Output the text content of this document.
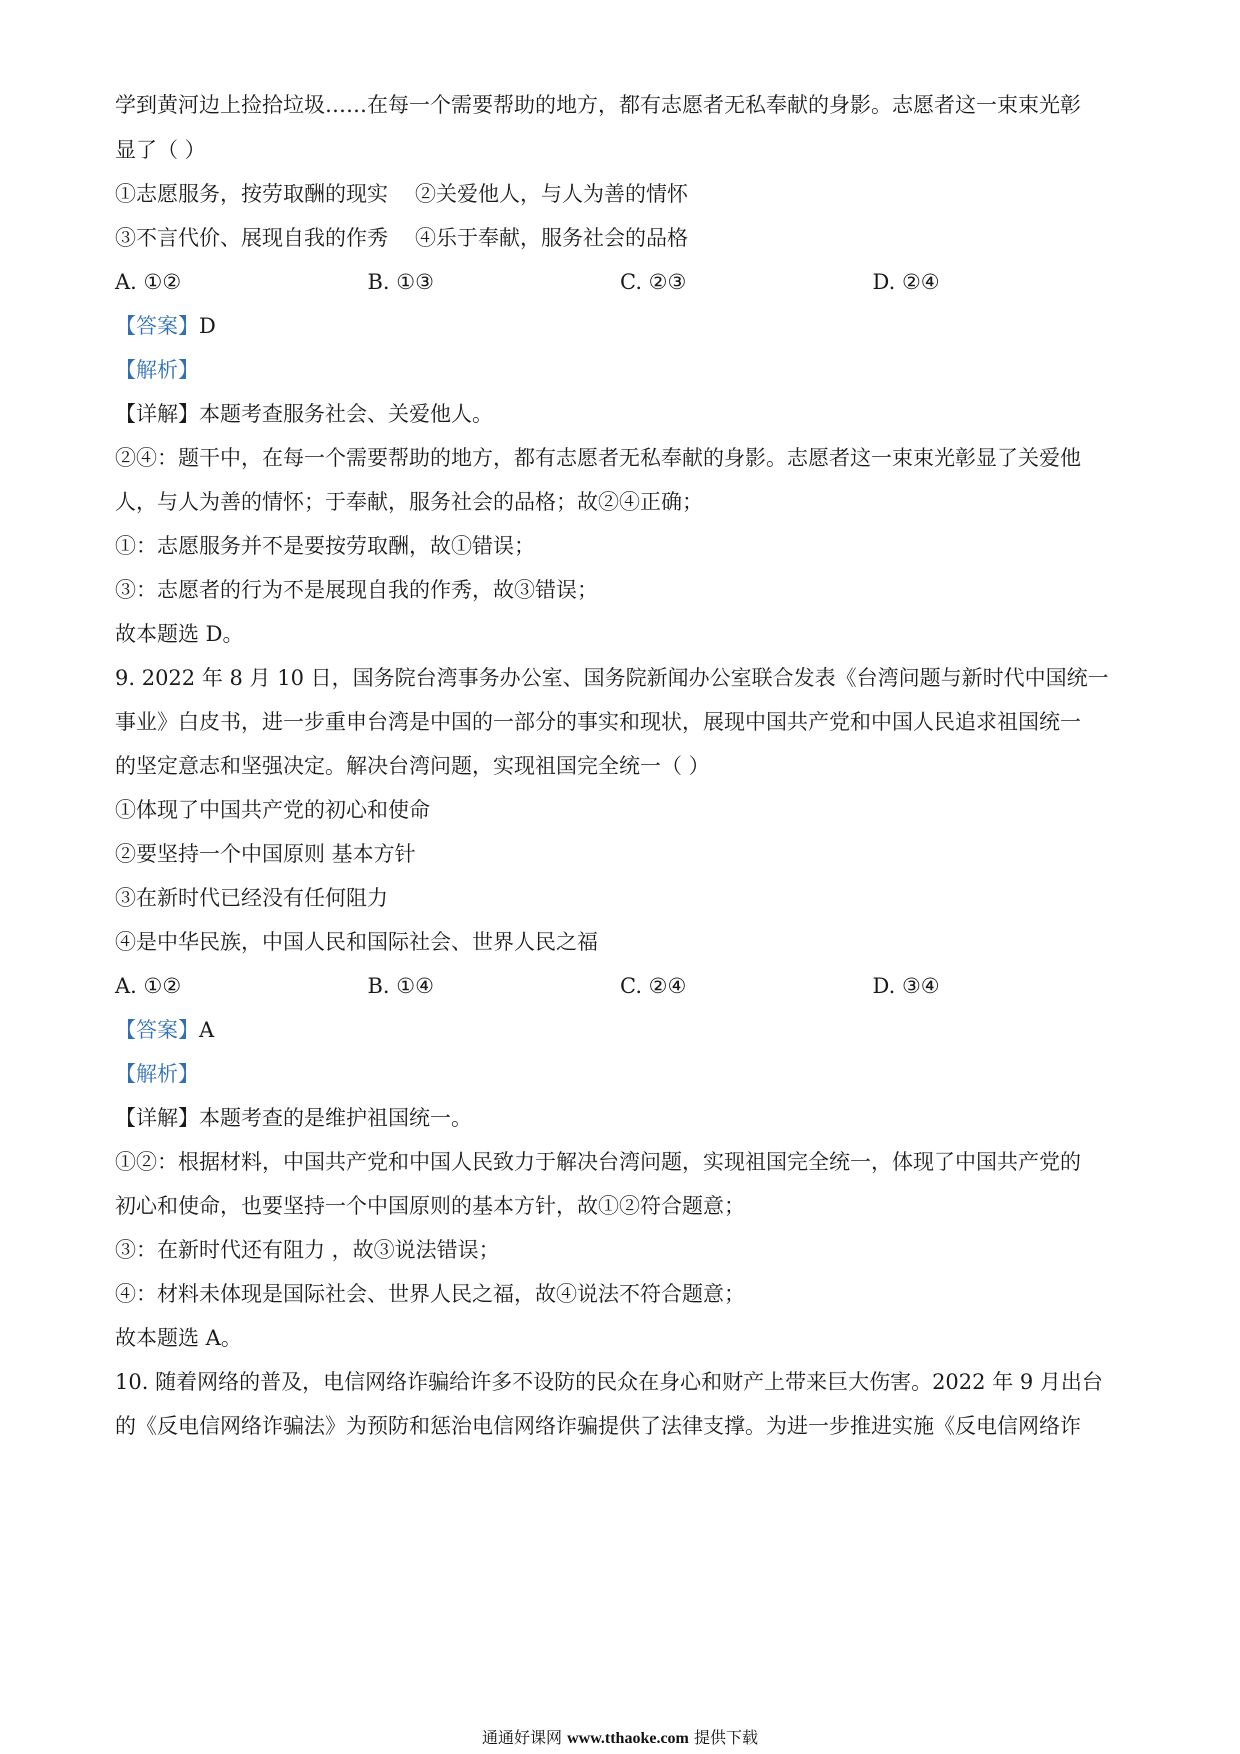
学到黄河边上捡拾垃圾……在每一个需要帮助的地方，都有志愿者无私奉献的身影。志愿者这一束束光彰
显了（ ）
①志愿服务，按劳取酬的现实 ②关爱他人，与人为善的情怀
③不言代价、展现自我的作秀 ④乐于奉献，服务社会的品格
A. ①②	B. ①③	C. ②③	D. ②④
【答案】D
【解析】
【详解】本题考查服务社会、关爱他人。
②④：题干中，在每一个需要帮助的地方，都有志愿者无私奉献的身影。志愿者这一束束光彰显了关爱他
人，与人为善的情怀；于奉献，服务社会的品格；故②④正确；
①：志愿服务并不是要按劳取酬，故①错误；
③：志愿者的行为不是展现自我的作秀，故③错误；
故本题选 D。
9. 2022 年 8 月 10 日，国务院台湾事务办公室、国务院新闻办公室联合发表《台湾问题与新时代中国统一
事业》白皮书，进一步重申台湾是中国的一部分的事实和现状，展现中国共产党和中国人民追求祖国统一
的坚定意志和坚强决定。解决台湾问题，实现祖国完全统一（ ）
①体现了中国共产党的初心和使命
②要坚持一个中国原则 基本方针
③在新时代已经没有任何阻力
④是中华民族，中国人民和国际社会、世界人民之福
A. ①②	B. ①④	C. ②④	D. ③④
【答案】A
【解析】
【详解】本题考查的是维护祖国统一。
①②：根据材料，中国共产党和中国人民致力于解决台湾问题，实现祖国完全统一，体现了中国共产党的
初心和使命，也要坚持一个中国原则的基本方针，故①②符合题意；
③：在新时代还有阻力 ，故③说法错误；
④：材料未体现是国际社会、世界人民之福，故④说法不符合题意；
故本题选 A。
10. 随着网络的普及，电信网络诈骗给许多不设防的民众在身心和财产上带来巨大伤害。2022 年 9 月出台
的《反电信网络诈骗法》为预防和惩治电信网络诈骗提供了法律支撑。为进一步推进实施《反电信网络诈
通通好课网 www.tthaoke.com 提供下载
